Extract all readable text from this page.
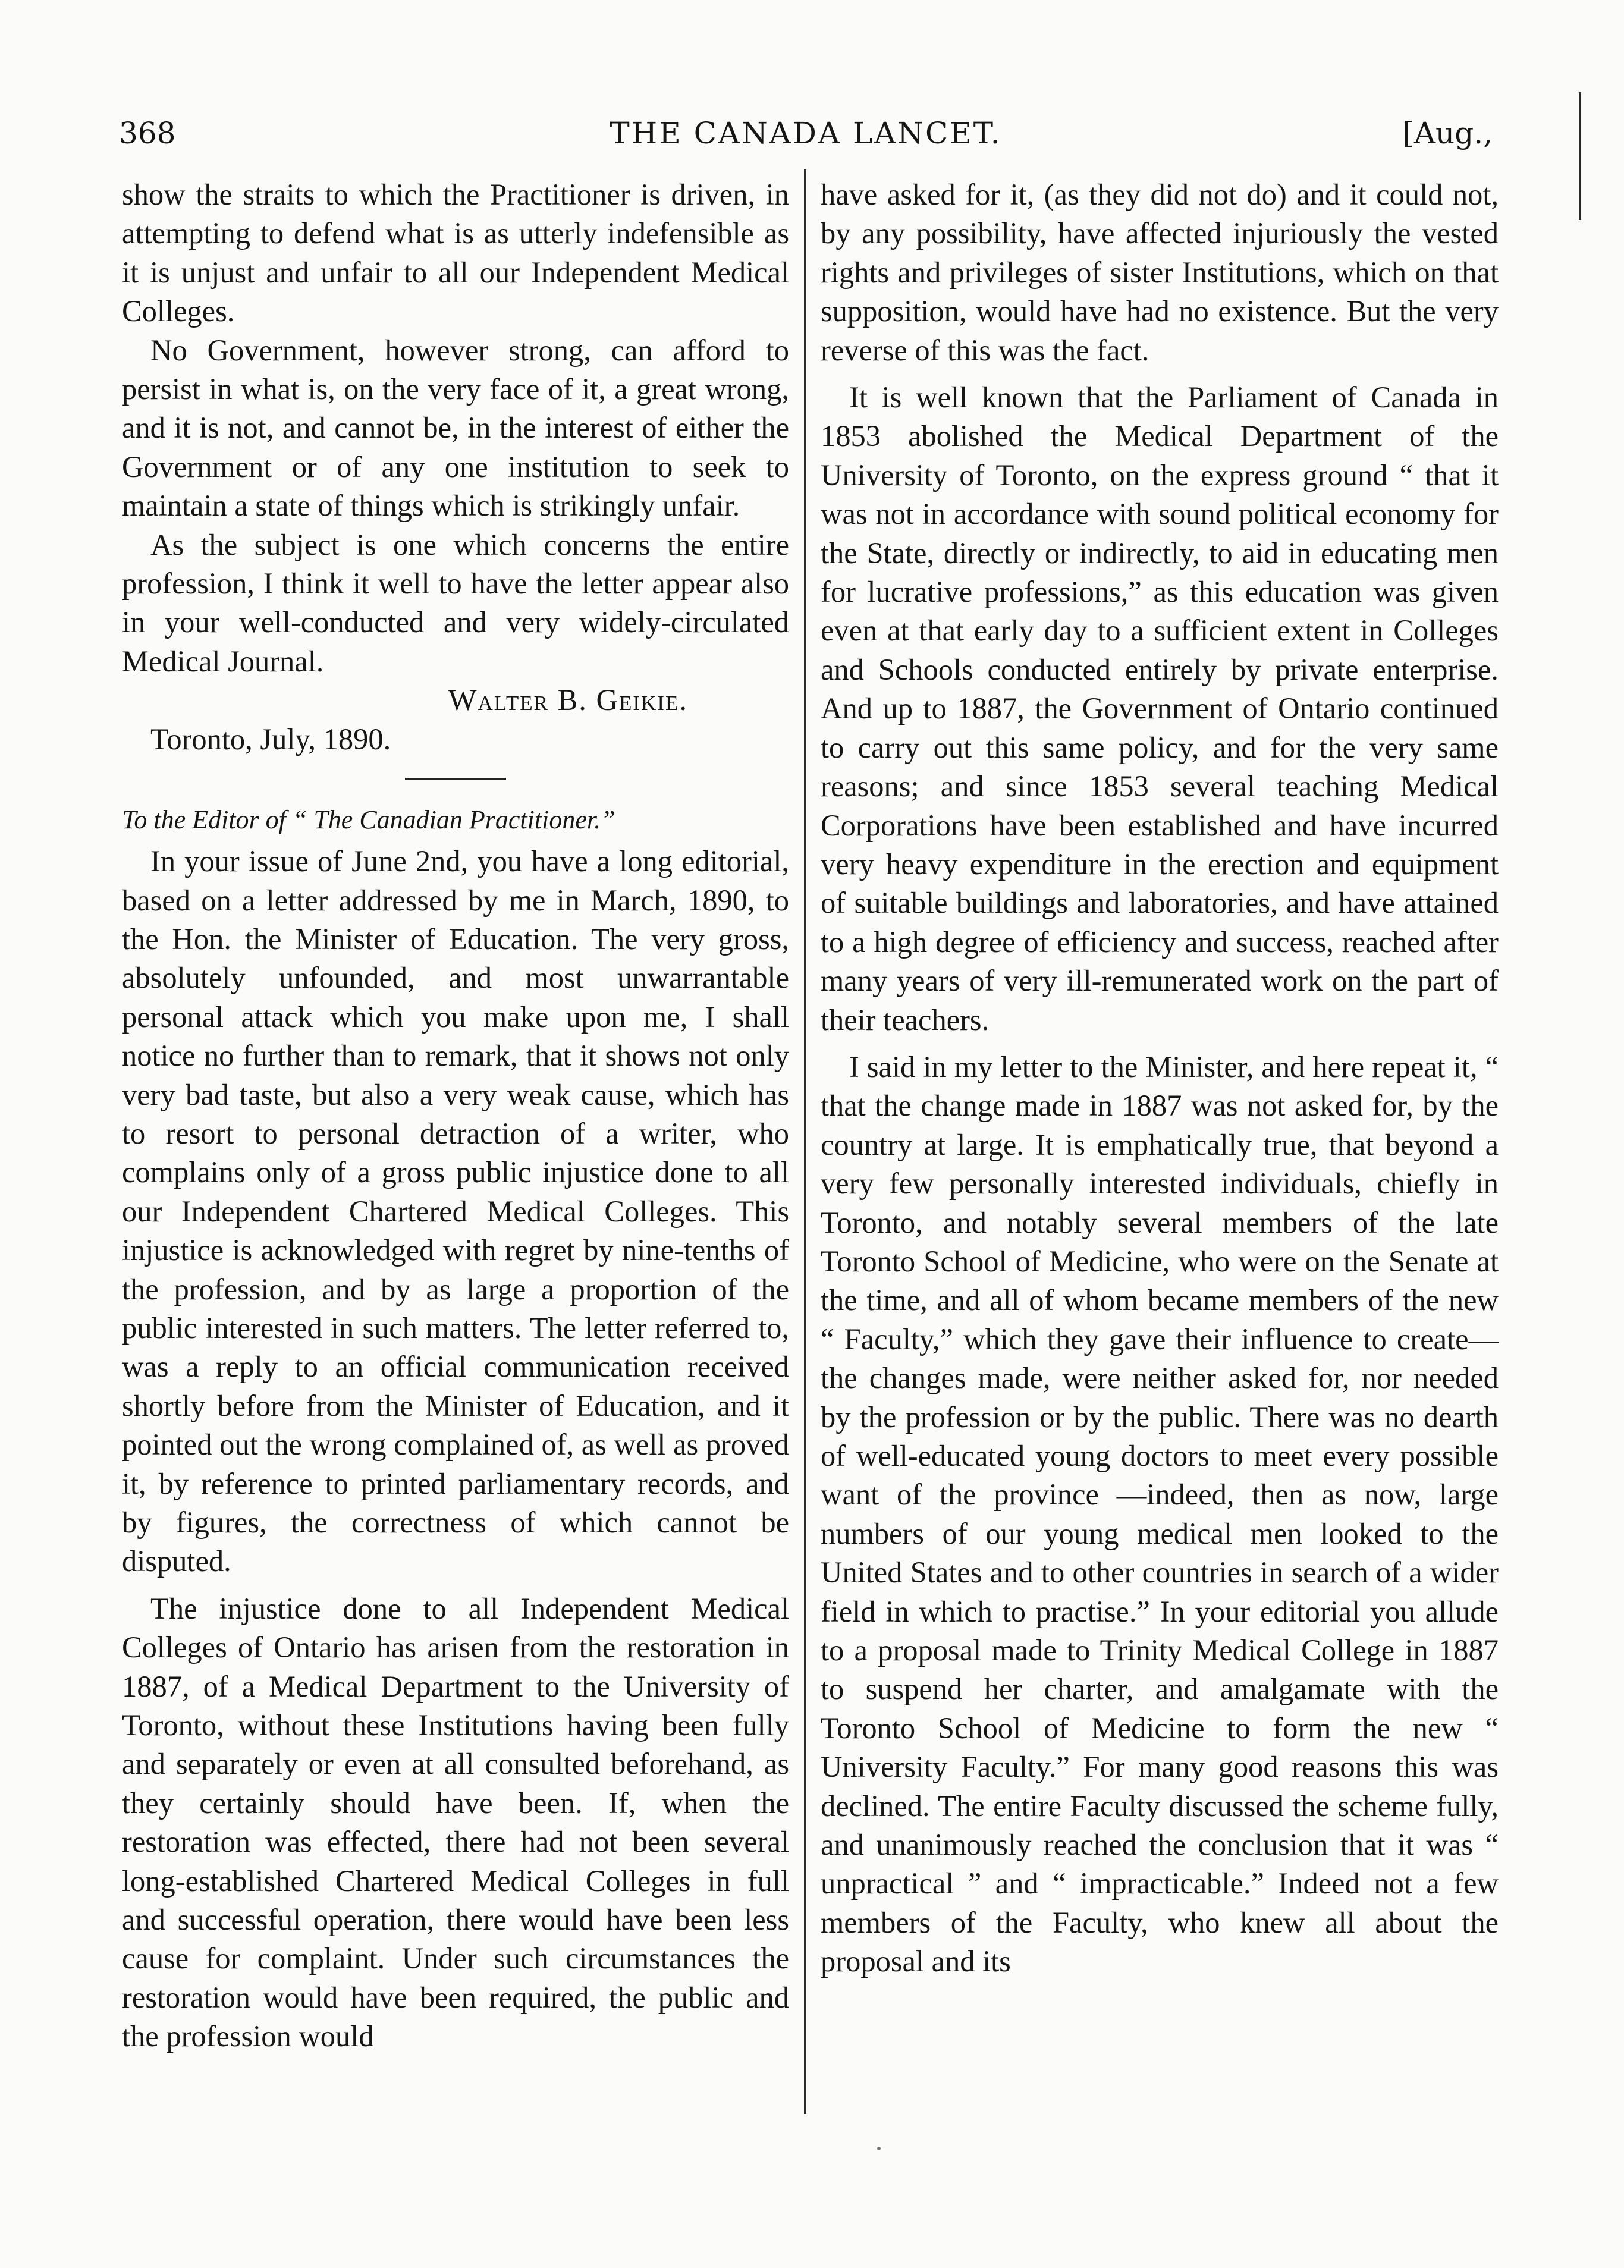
368	THE CANADA LANCET.	[Aug.,

show the straits to which the Practitioner is driven, in attempting to defend what is as utterly indefensible as it is unjust and unfair to all our Independent Medical Colleges.

No Government, however strong, can afford to persist in what is, on the very face of it, a great wrong, and it is not, and cannot be, in the interest of either the Government or of any one institution to seek to maintain a state of things which is strikingly unfair.

As the subject is one which concerns the entire profession, I think it well to have the letter appear also in your well-conducted and very widely-circulated Medical Journal.

Walter B. Geikie.

Toronto, July, 1890.

To the Editor of “ The Canadian Practitioner.”

In your issue of June 2nd, you have a long editorial, based on a letter addressed by me in March, 1890, to the Hon. the Minister of Education. The very gross, absolutely unfounded, and most unwarrantable personal attack which you make upon me, I shall notice no further than to remark, that it shows not only very bad taste, but also a very weak cause, which has to resort to personal detraction of a writer, who complains only of a gross public injustice done to all our Independent Chartered Medical Colleges. This injustice is acknowledged with regret by nine-tenths of the profession, and by as large a proportion of the public interested in such matters. The letter referred to, was a reply to an official communication received shortly before from the Minister of Education, and it pointed out the wrong complained of, as well as proved it, by reference to printed parliamentary records, and by figures, the correctness of which cannot be disputed.

The injustice done to all Independent Medical Colleges of Ontario has arisen from the restoration in 1887, of a Medical Department to the University of Toronto, without these Institutions having been fully and separately or even at all consulted beforehand, as they certainly should have been. If, when the restoration was effected, there had not been several long-established Chartered Medical Colleges in full and successful operation, there would have been less cause for complaint. Under such circumstances the restoration would have been required, the public and the profession would

have asked for it, (as they did not do) and it could not, by any possibility, have affected injuriously the vested rights and privileges of sister Institutions, which on that supposition, would have had no existence. But the very reverse of this was the fact.

It is well known that the Parliament of Canada in 1853 abolished the Medical Department of the University of Toronto, on the express ground “ that it was not in accordance with sound political economy for the State, directly or indirectly, to aid in educating men for lucrative professions,” as this education was given even at that early day to a sufficient extent in Colleges and Schools conducted entirely by private enterprise. And up to 1887, the Government of Ontario continued to carry out this same policy, and for the very same reasons; and since 1853 several teaching Medical Corporations have been established and have incurred very heavy expenditure in the erection and equipment of suitable buildings and laboratories, and have attained to a high degree of efficiency and success, reached after many years of very ill-remunerated work on the part of their teachers.

I said in my letter to the Minister, and here repeat it, “ that the change made in 1887 was not asked for, by the country at large. It is emphatically true, that beyond a very few personally interested individuals, chiefly in Toronto, and notably several members of the late Toronto School of Medicine, who were on the Senate at the time, and all of whom became members of the new “ Faculty,” which they gave their influence to create—the changes made, were neither asked for, nor needed by the profession or by the public. There was no dearth of well-educated young doctors to meet every possible want of the province —indeed, then as now, large numbers of our young medical men looked to the United States and to other countries in search of a wider field in which to practise.” In your editorial you allude to a proposal made to Trinity Medical College in 1887 to suspend her charter, and amalgamate with the Toronto School of Medicine to form the new “ University Faculty.” For many good reasons this was declined. The entire Faculty discussed the scheme fully, and unanimously reached the conclusion that it was “ unpractical ” and “ impracticable.” Indeed not a few members of the Faculty, who knew all about the proposal and its
